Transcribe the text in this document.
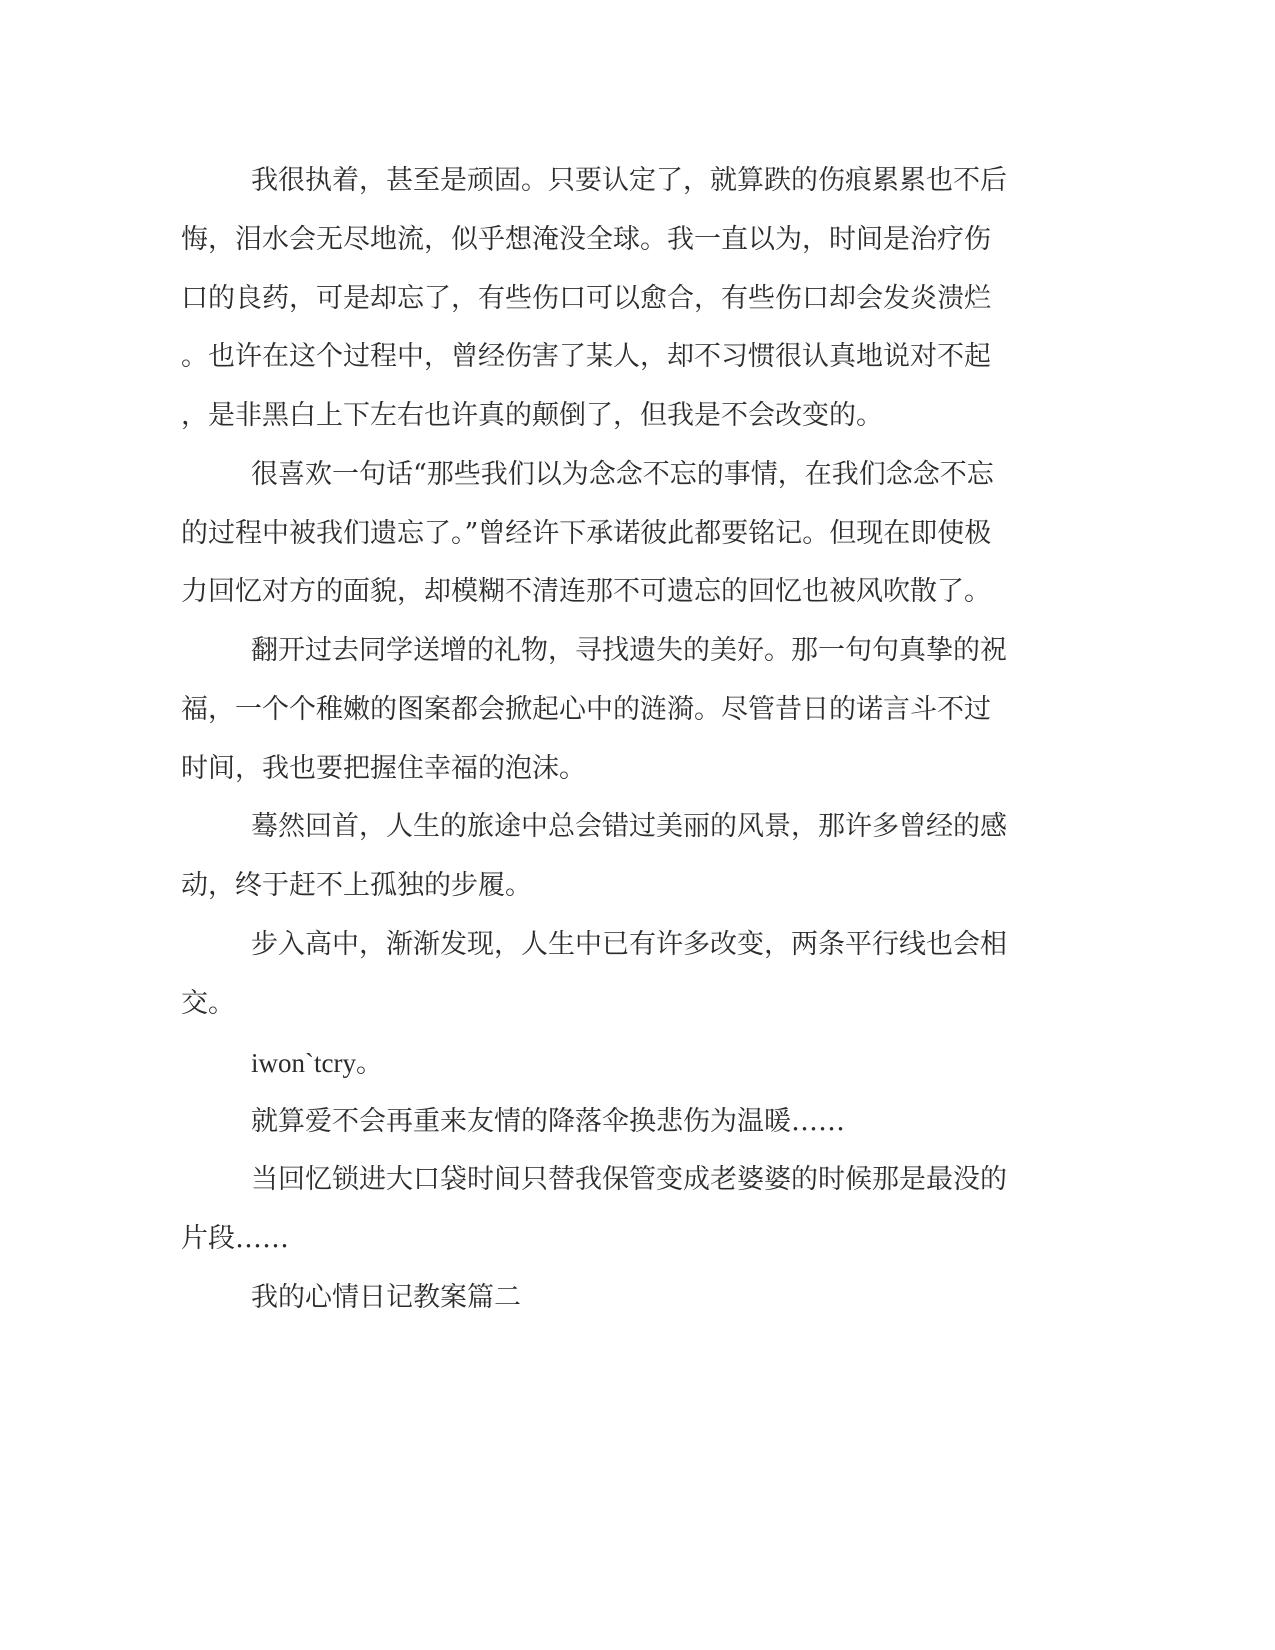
我很执着，甚至是顽固。只要认定了，就算跌的伤痕累累也不后
悔，泪水会无尽地流，似乎想淹没全球。我一直以为，时间是治疗伤
口的良药，可是却忘了，有些伤口可以愈合，有些伤口却会发炎溃烂
。也许在这个过程中，曾经伤害了某人，却不习惯很认真地说对不起
，是非黑白上下左右也许真的颠倒了，但我是不会改变的。
很喜欢一句话“那些我们以为念念不忘的事情，在我们念念不忘
的过程中被我们遗忘了。”曾经许下承诺彼此都要铭记。但现在即使极
力回忆对方的面貌，却模糊不清连那不可遗忘的回忆也被风吹散了。
翻开过去同学送增的礼物，寻找遗失的美好。那一句句真挚的祝
福，一个个稚嫩的图案都会掀起心中的涟漪。尽管昔日的诺言斗不过
时间，我也要把握住幸福的泡沫。
蓦然回首，人生的旅途中总会错过美丽的风景，那许多曾经的感
动，终于赶不上孤独的步履。
步入高中，渐渐发现，人生中已有许多改变，两条平行线也会相
交。
iwon`tcry。
就算爱不会再重来友情的降落伞换悲伤为温暖……
当回忆锁进大口袋时间只替我保管变成老婆婆的时候那是最没的
片段……
我的心情日记教案篇二
